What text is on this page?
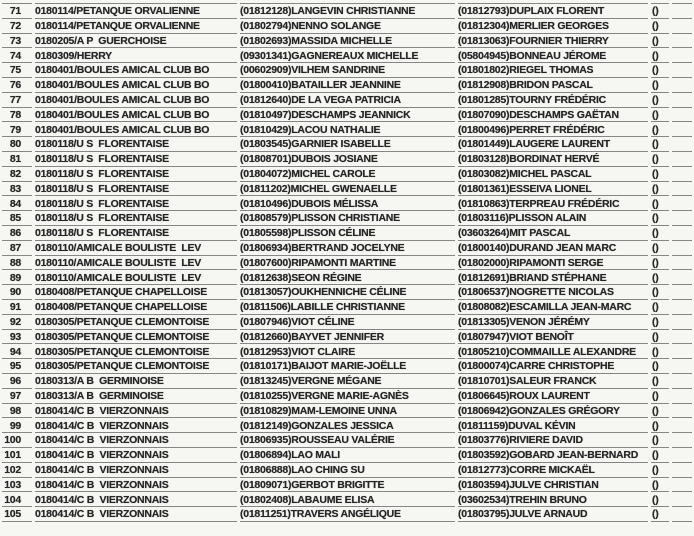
71	0180114/PETANQUE ORVALIENNE	(01812128) LANGEVIN CHRISTIANNE	(01812793) DUPLAIX FLORENT	()
72	0180114/PETANQUE ORVALIENNE	(01802794) NENNO SOLANGE	(01812304) MERLIER GEORGES	()
73	0180205/A P  GUERCHOISE	(01802693) MASSIDA MICHELLE	(01813063) FOURNIER THIERRY	()
74	0180309/HERRY	(09301341) GAGNEREAUX MICHELLE	(05804945) BONNEAU JÉROME	()
75	0180401/BOULES AMICAL CLUB BO	(00602909) VILHEM SANDRINE	(01801802) RIEGEL THOMAS	()
76	0180401/BOULES AMICAL CLUB BO	(01800410) BATAILLER JEANNINE	(01812908) BRIDON PASCAL	()
77	0180401/BOULES AMICAL CLUB BO	(01812640) DE LA VEGA PATRICIA	(01801285) TOURNY FRÉDÉRIC	()
78	0180401/BOULES AMICAL CLUB BO	(01810497) DESCHAMPS JEANNICK	(01807090) DESCHAMPS GAËTAN	()
79	0180401/BOULES AMICAL CLUB BO	(01810429) LACOU NATHALIE	(01800496) PERRET FRÉDÉRIC	()
80	0180118/U S  FLORENTAISE	(01803545) GARNIER ISABELLE	(01801449) LAUGERE LAURENT	()
81	0180118/U S  FLORENTAISE	(01808701) DUBOIS JOSIANE	(01803128) BORDINAT HERVÉ	()
82	0180118/U S  FLORENTAISE	(01804072) MICHEL CAROLE	(01803082) MICHEL PASCAL	()
83	0180118/U S  FLORENTAISE	(01811202) MICHEL GWENAELLE	(01801361) ESSEIVA LIONEL	()
84	0180118/U S  FLORENTAISE	(01810496) DUBOIS MÉLISSA	(01810863) TERPREAU FRÉDÉRIC	()
85	0180118/U S  FLORENTAISE	(01808579) PLISSON CHRISTIANE	(01803116) PLISSON ALAIN	()
86	0180118/U S  FLORENTAISE	(01805598) PLISSON CÉLINE	(03603264) MIT PASCAL	()
87	0180110/AMICALE BOULISTE  LEV	(01806934) BERTRAND JOCELYNE	(01800140) DURAND JEAN MARC	()
88	0180110/AMICALE BOULISTE  LEV	(01807600) RIPAMONTI MARTINE	(01802000) RIPAMONTI SERGE	()
89	0180110/AMICALE BOULISTE  LEV	(01812638) SEON RÉGINE	(01812691) BRIAND STÉPHANE	()
90	0180408/PETANQUE CHAPELLOISE	(01813057) OUKHENNICHE CÉLINE	(01806537) NOGRETTE NICOLAS	()
91	0180408/PETANQUE CHAPELLOISE	(01811506) LABILLE CHRISTIANNE	(01808082) ESCAMILLA JEAN-MARC ()
92	0180305/PETANQUE CLEMONTOISE	(01807946) VIOT CÉLINE	(01813305) VENON JÉRÉMY	()
93	0180305/PETANQUE CLEMONTOISE	(01812660) BAYVET JENNIFER	(01807947) VIOT BENOÎT	()
94	0180305/PETANQUE CLEMONTOISE	(01812953) VIOT CLAIRE	(01805210) COMMAILLE ALEXANDRE ()
95	0180305/PETANQUE CLEMONTOISE	(01810171) BAIJOT MARIE-JOËLLE	(01800074) CARRE CHRISTOPHE	()
96	0180313/A B  GERMINOISE	(01813245) VERGNE MÉGANE	(01810701) SALEUR FRANCK	()
97	0180313/A B  GERMINOISE	(01810255) VERGNE MARIE-AGNÈS	(01806645) ROUX LAURENT	()
98	0180414/C B  VIERZONNAIS	(01810829) MAM-LEMOINE UNNA	(01806942) GONZALES GRÉGORY	()
99	0180414/C B  VIERZONNAIS	(01812149) GONZALES JESSICA	(01811159) DUVAL KÉVIN	()
100	0180414/C B  VIERZONNAIS	(01806935) ROUSSEAU VALÉRIE	(01803776) RIVIERE DAVID	()
101	0180414/C B  VIERZONNAIS	(01806894) LAO MALI	(01803592) GOBARD JEAN-BERNARD ()
102	0180414/C B  VIERZONNAIS	(01806888) LAO CHING SU	(01812773) CORRE MICKAËL	()
103	0180414/C B  VIERZONNAIS	(01809071) GERBOT BRIGITTE	(01803594) JULVE CHRISTIAN	()
104	0180414/C B  VIERZONNAIS	(01802408) LABAUME ELISA	(03602534) TREHIN BRUNO	()
105	0180414/C B  VIERZONNAIS	(01811251) TRAVERS ANGÉLIQUE	(01803795) JULVE ARNAUD	()
